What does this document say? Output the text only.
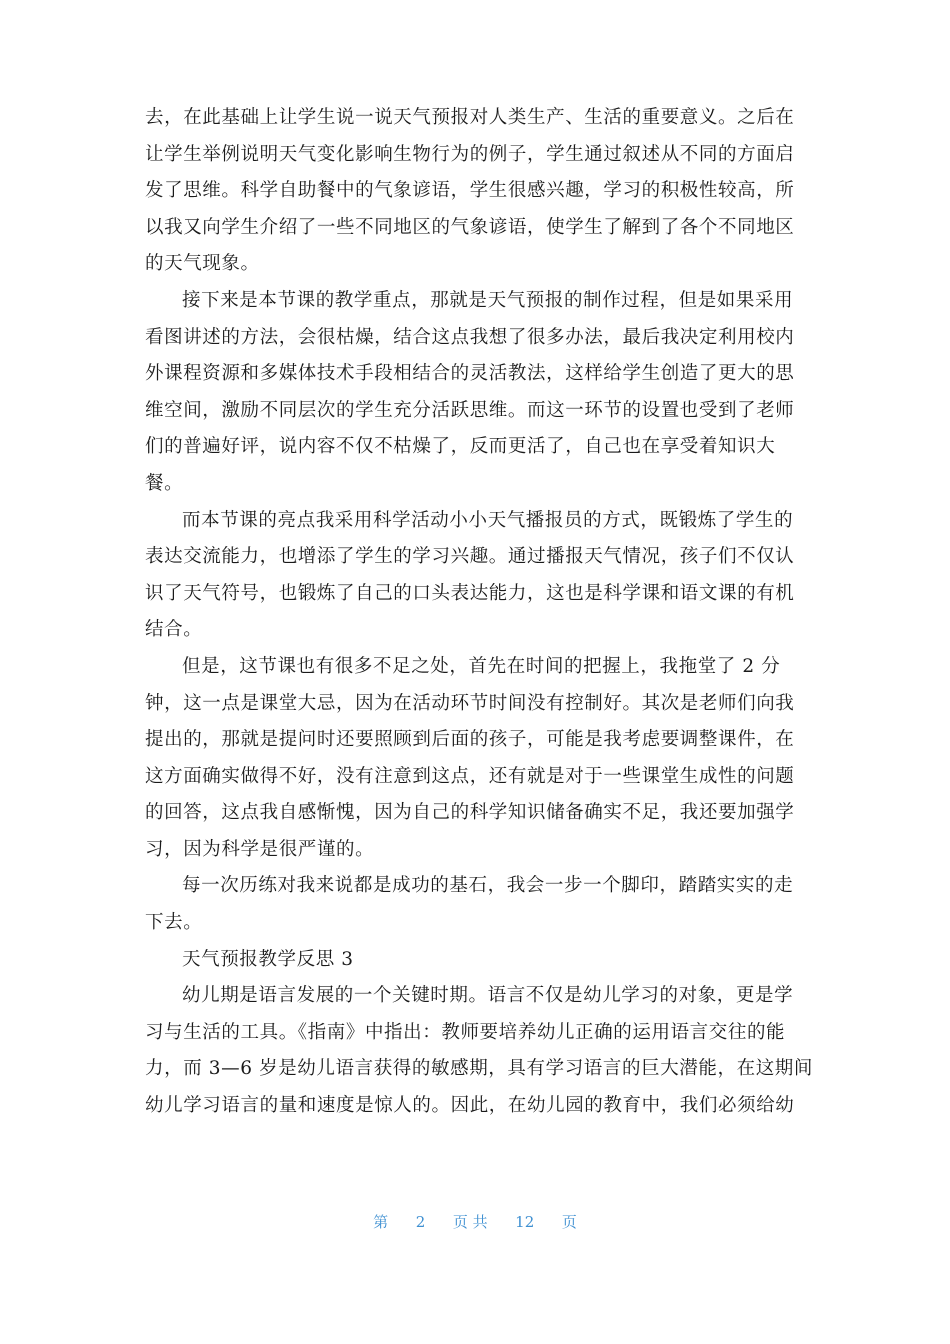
去，在此基础上让学生说一说天气预报对人类生产、生活的重要意义。之后在
让学生举例说明天气变化影响生物行为的例子，学生通过叙述从不同的方面启
发了思维。科学自助餐中的气象谚语，学生很感兴趣，学习的积极性较高，所
以我又向学生介绍了一些不同地区的气象谚语，使学生了解到了各个不同地区
的天气现象。

接下来是本节课的教学重点，那就是天气预报的制作过程，但是如果采用
看图讲述的方法，会很枯燥，结合这点我想了很多办法，最后我决定利用校内
外课程资源和多媒体技术手段相结合的灵活教法，这样给学生创造了更大的思
维空间，激励不同层次的学生充分活跃思维。而这一环节的设置也受到了老师
们的普遍好评，说内容不仅不枯燥了，反而更活了，自己也在享受着知识大
餐。

而本节课的亮点我采用科学活动小小天气播报员的方式，既锻炼了学生的
表达交流能力，也增添了学生的学习兴趣。通过播报天气情况，孩子们不仅认
识了天气符号，也锻炼了自己的口头表达能力，这也是科学课和语文课的有机
结合。

但是，这节课也有很多不足之处，首先在时间的把握上，我拖堂了 2 分
钟，这一点是课堂大忌，因为在活动环节时间没有控制好。其次是老师们向我
提出的，那就是提问时还要照顾到后面的孩子，可能是我考虑要调整课件，在
这方面确实做得不好，没有注意到这点，还有就是对于一些课堂生成性的问题
的回答，这点我自感惭愧，因为自己的科学知识储备确实不足，我还要加强学
习，因为科学是很严谨的。

每一次历练对我来说都是成功的基石，我会一步一个脚印，踏踏实实的走
下去。

天气预报教学反思 3

幼儿期是语言发展的一个关键时期。语言不仅是幼儿学习的对象，更是学
习与生活的工具。《指南》中指出：教师要培养幼儿正确的运用语言交往的能
力，而 3—6 岁是幼儿语言获得的敏感期，具有学习语言的巨大潜能，在这期间
幼儿学习语言的量和速度是惊人的。因此，在幼儿园的教育中，我们必须给幼

第 2 页 共 12 页
